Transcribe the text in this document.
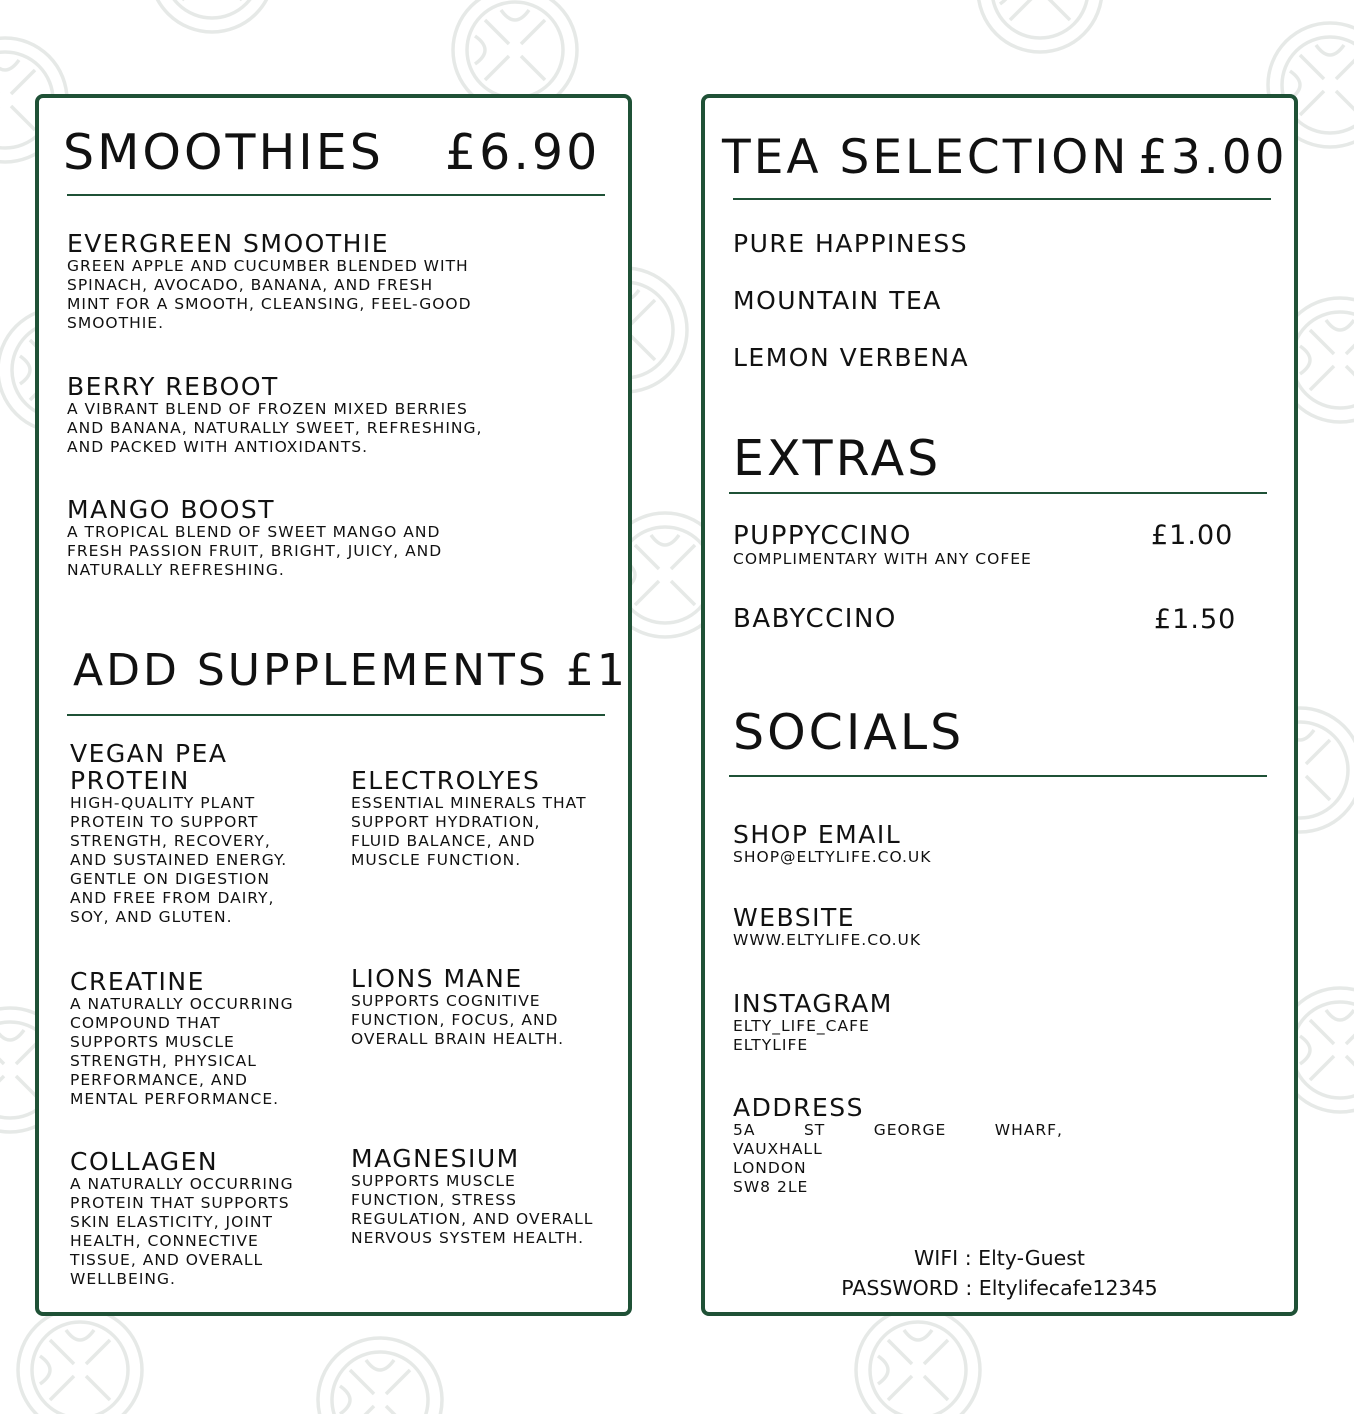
SMOOTHIES £6.90
EVERGREEN SMOOTHIE
GREEN APPLE AND CUCUMBER BLENDED WITH
SPINACH, AVOCADO, BANANA, AND FRESH
MINT FOR A SMOOTH, CLEANSING, FEEL-GOOD
SMOOTHIE.
BERRY REBOOT
A VIBRANT BLEND OF FROZEN MIXED BERRIES
AND BANANA, NATURALLY SWEET, REFRESHING,
AND PACKED WITH ANTIOXIDANTS.
MANGO BOOST
A TROPICAL BLEND OF SWEET MANGO AND
FRESH PASSION FRUIT, BRIGHT, JUICY, AND
NATURALLY REFRESHING.
ADD SUPPLEMENTS £1
VEGAN PEA
PROTEIN
HIGH-QUALITY PLANT
PROTEIN TO SUPPORT
STRENGTH, RECOVERY,
AND SUSTAINED ENERGY.
GENTLE ON DIGESTION
AND FREE FROM DAIRY,
SOY, AND GLUTEN.
CREATINE
A NATURALLY OCCURRING
COMPOUND THAT
SUPPORTS MUSCLE
STRENGTH, PHYSICAL
PERFORMANCE, AND
MENTAL PERFORMANCE.
COLLAGEN
A NATURALLY OCCURRING
PROTEIN THAT SUPPORTS
SKIN ELASTICITY, JOINT
HEALTH, CONNECTIVE
TISSUE, AND OVERALL
WELLBEING.
ELECTROLYES
ESSENTIAL MINERALS THAT
SUPPORT HYDRATION,
FLUID BALANCE, AND
MUSCLE FUNCTION.
LIONS MANE
SUPPORTS COGNITIVE
FUNCTION, FOCUS, AND
OVERALL BRAIN HEALTH.
MAGNESIUM
SUPPORTS MUSCLE
FUNCTION, STRESS
REGULATION, AND OVERALL
NERVOUS SYSTEM HEALTH.
TEA SELECTION £3.00
PURE HAPPINESS
MOUNTAIN TEA
LEMON VERBENA
EXTRAS
PUPPYCCINO
COMPLIMENTARY WITH ANY COFEE
£1.00
BABYCCINO	£1.50
SOCIALS
SHOP EMAIL
SHOP@ELTYLIFE.CO.UK
WEBSITE
WWW.ELTYLIFE.CO.UK
INSTAGRAM
ELTY_LIFE_CAFE
ELTYLIFE
ADDRESS
5A	ST	GEORGE	WHARF,
VAUXHALL
LONDON
SW8 2LE
WIFI : Elty-Guest
PASSWORD : Eltylifecafe12345
